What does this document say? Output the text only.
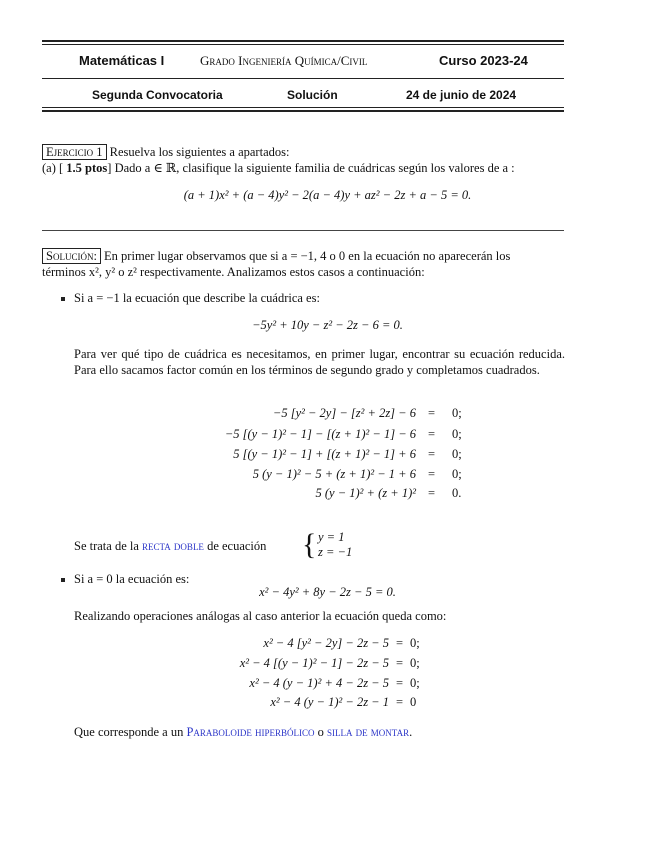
Matemáticas I	Grado Ingeniería Química/Civil	Curso 2023-24
Segunda Convocatoria	Solución	24 de junio de 2024
Ejercicio 1 Resuelva los siguientes a apartados:
(a) [ 1.5 ptos] Dado a ∈ ℝ, clasifique la siguiente familia de cuádricas según los valores de a :
(a + 1)x² + (a − 4)y² − 2(a − 4)y + az² − 2z + a − 5 = 0.
Solución: En primer lugar observamos que si a = −1, 4 o 0 en la ecuación no aparecerán los
términos x², y² o z² respectivamente. Analizamos estos casos a continuación:
Si a = −1 la ecuación que describe la cuádrica es:
−5y² + 10y − z² − 2z − 6 = 0.
Para ver qué tipo de cuádrica es necesitamos, en primer lugar, encontrar su ecuación reducida. Para ello sacamos factor común en los términos de segundo grado y completamos cuadrados.
−5 [y² − 2y] − [z² + 2z] − 6 = 0;
−5 [(y − 1)² − 1] − [(z + 1)² − 1] − 6 = 0;
5 [(y − 1)² − 1] + [(z + 1)² − 1] + 6 = 0;
5 (y − 1)² − 5 + (z + 1)² − 1 + 6 = 0;
5 (y − 1)² + (z + 1)² = 0.
Se trata de la recta doble de ecuación	{ y = 1
z = −1
Si a = 0 la ecuación es:
x² − 4y² + 8y − 2z − 5 = 0.
Realizando operaciones análogas al caso anterior la ecuación queda como:
x² − 4 [y² − 2y] − 2z − 5 = 0;
x² − 4 [(y − 1)² − 1] − 2z − 5 = 0;
x² − 4 (y − 1)² + 4 − 2z − 5 = 0;
x² − 4 (y − 1)² − 2z − 1 = 0
Que corresponde a un Paraboloide hiperbólico o silla de montar.
